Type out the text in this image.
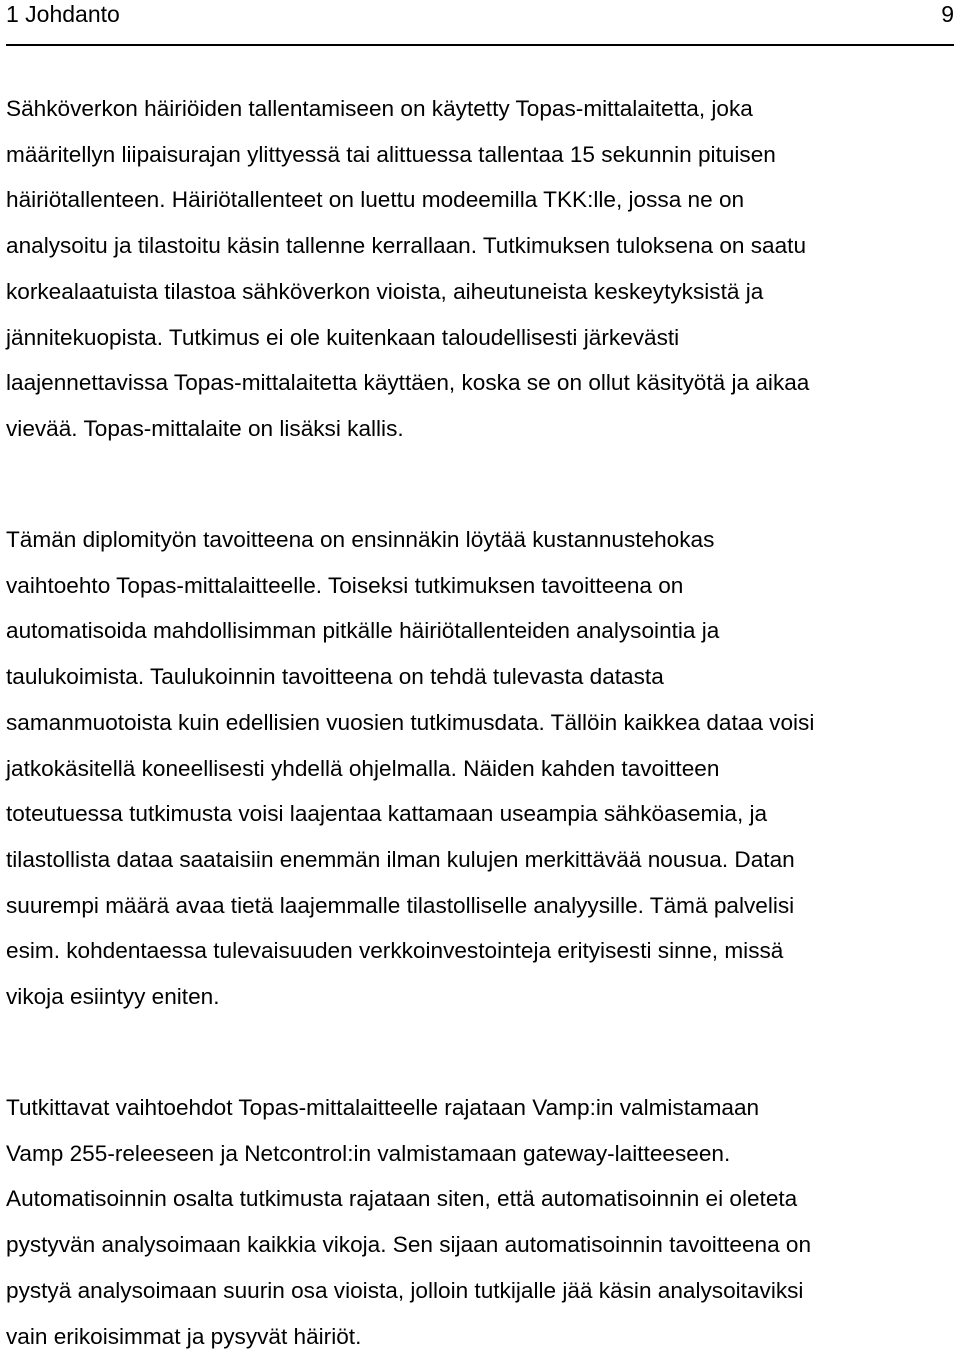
1 Johdanto	9

Sähköverkon häiriöiden tallentamiseen on käytetty Topas-mittalaitetta, joka
määritellyn liipaisurajan ylittyessä tai alittuessa tallentaa 15 sekunnin pituisen
häiriötallenteen. Häiriötallenteet on luettu modeemilla TKK:lle, jossa ne on
analysoitu ja tilastoitu käsin tallenne kerrallaan. Tutkimuksen tuloksena on saatu
korkealaatuista tilastoa sähköverkon vioista, aiheutuneista keskeytyksistä ja
jännitekuopista. Tutkimus ei ole kuitenkaan taloudellisesti järkevästi
laajennettavissa Topas-mittalaitetta käyttäen, koska se on ollut käsityötä ja aikaa
vievää. Topas-mittalaite on lisäksi kallis.

Tämän diplomityön tavoitteena on ensinnäkin löytää kustannustehokas
vaihtoehto Topas-mittalaitteelle. Toiseksi tutkimuksen tavoitteena on
automatisoida mahdollisimman pitkälle häiriötallenteiden analysointia ja
taulukoimista. Taulukoinnin tavoitteena on tehdä tulevasta datasta
samanmuotoista kuin edellisien vuosien tutkimusdata. Tällöin kaikkea dataa voisi
jatkokäsitellä koneellisesti yhdellä ohjelmalla. Näiden kahden tavoitteen
toteutuessa tutkimusta voisi laajentaa kattamaan useampia sähköasemia, ja
tilastollista dataa saataisiin enemmän ilman kulujen merkittävää nousua. Datan
suurempi määrä avaa tietä laajemmalle tilastolliselle analyysille. Tämä palvelisi
esim. kohdentaessa tulevaisuuden verkkoinvestointeja erityisesti sinne, missä
vikoja esiintyy eniten.

Tutkittavat vaihtoehdot Topas-mittalaitteelle rajataan Vamp:in valmistamaan
Vamp 255-releeseen ja Netcontrol:in valmistamaan gateway-laitteeseen.
Automatisoinnin osalta tutkimusta rajataan siten, että automatisoinnin ei oleteta
pystyvän analysoimaan kaikkia vikoja. Sen sijaan automatisoinnin tavoitteena on
pystyä analysoimaan suurin osa vioista, jolloin tutkijalle jää käsin analysoitaviksi
vain erikoisimmat ja pysyvät häiriöt.
